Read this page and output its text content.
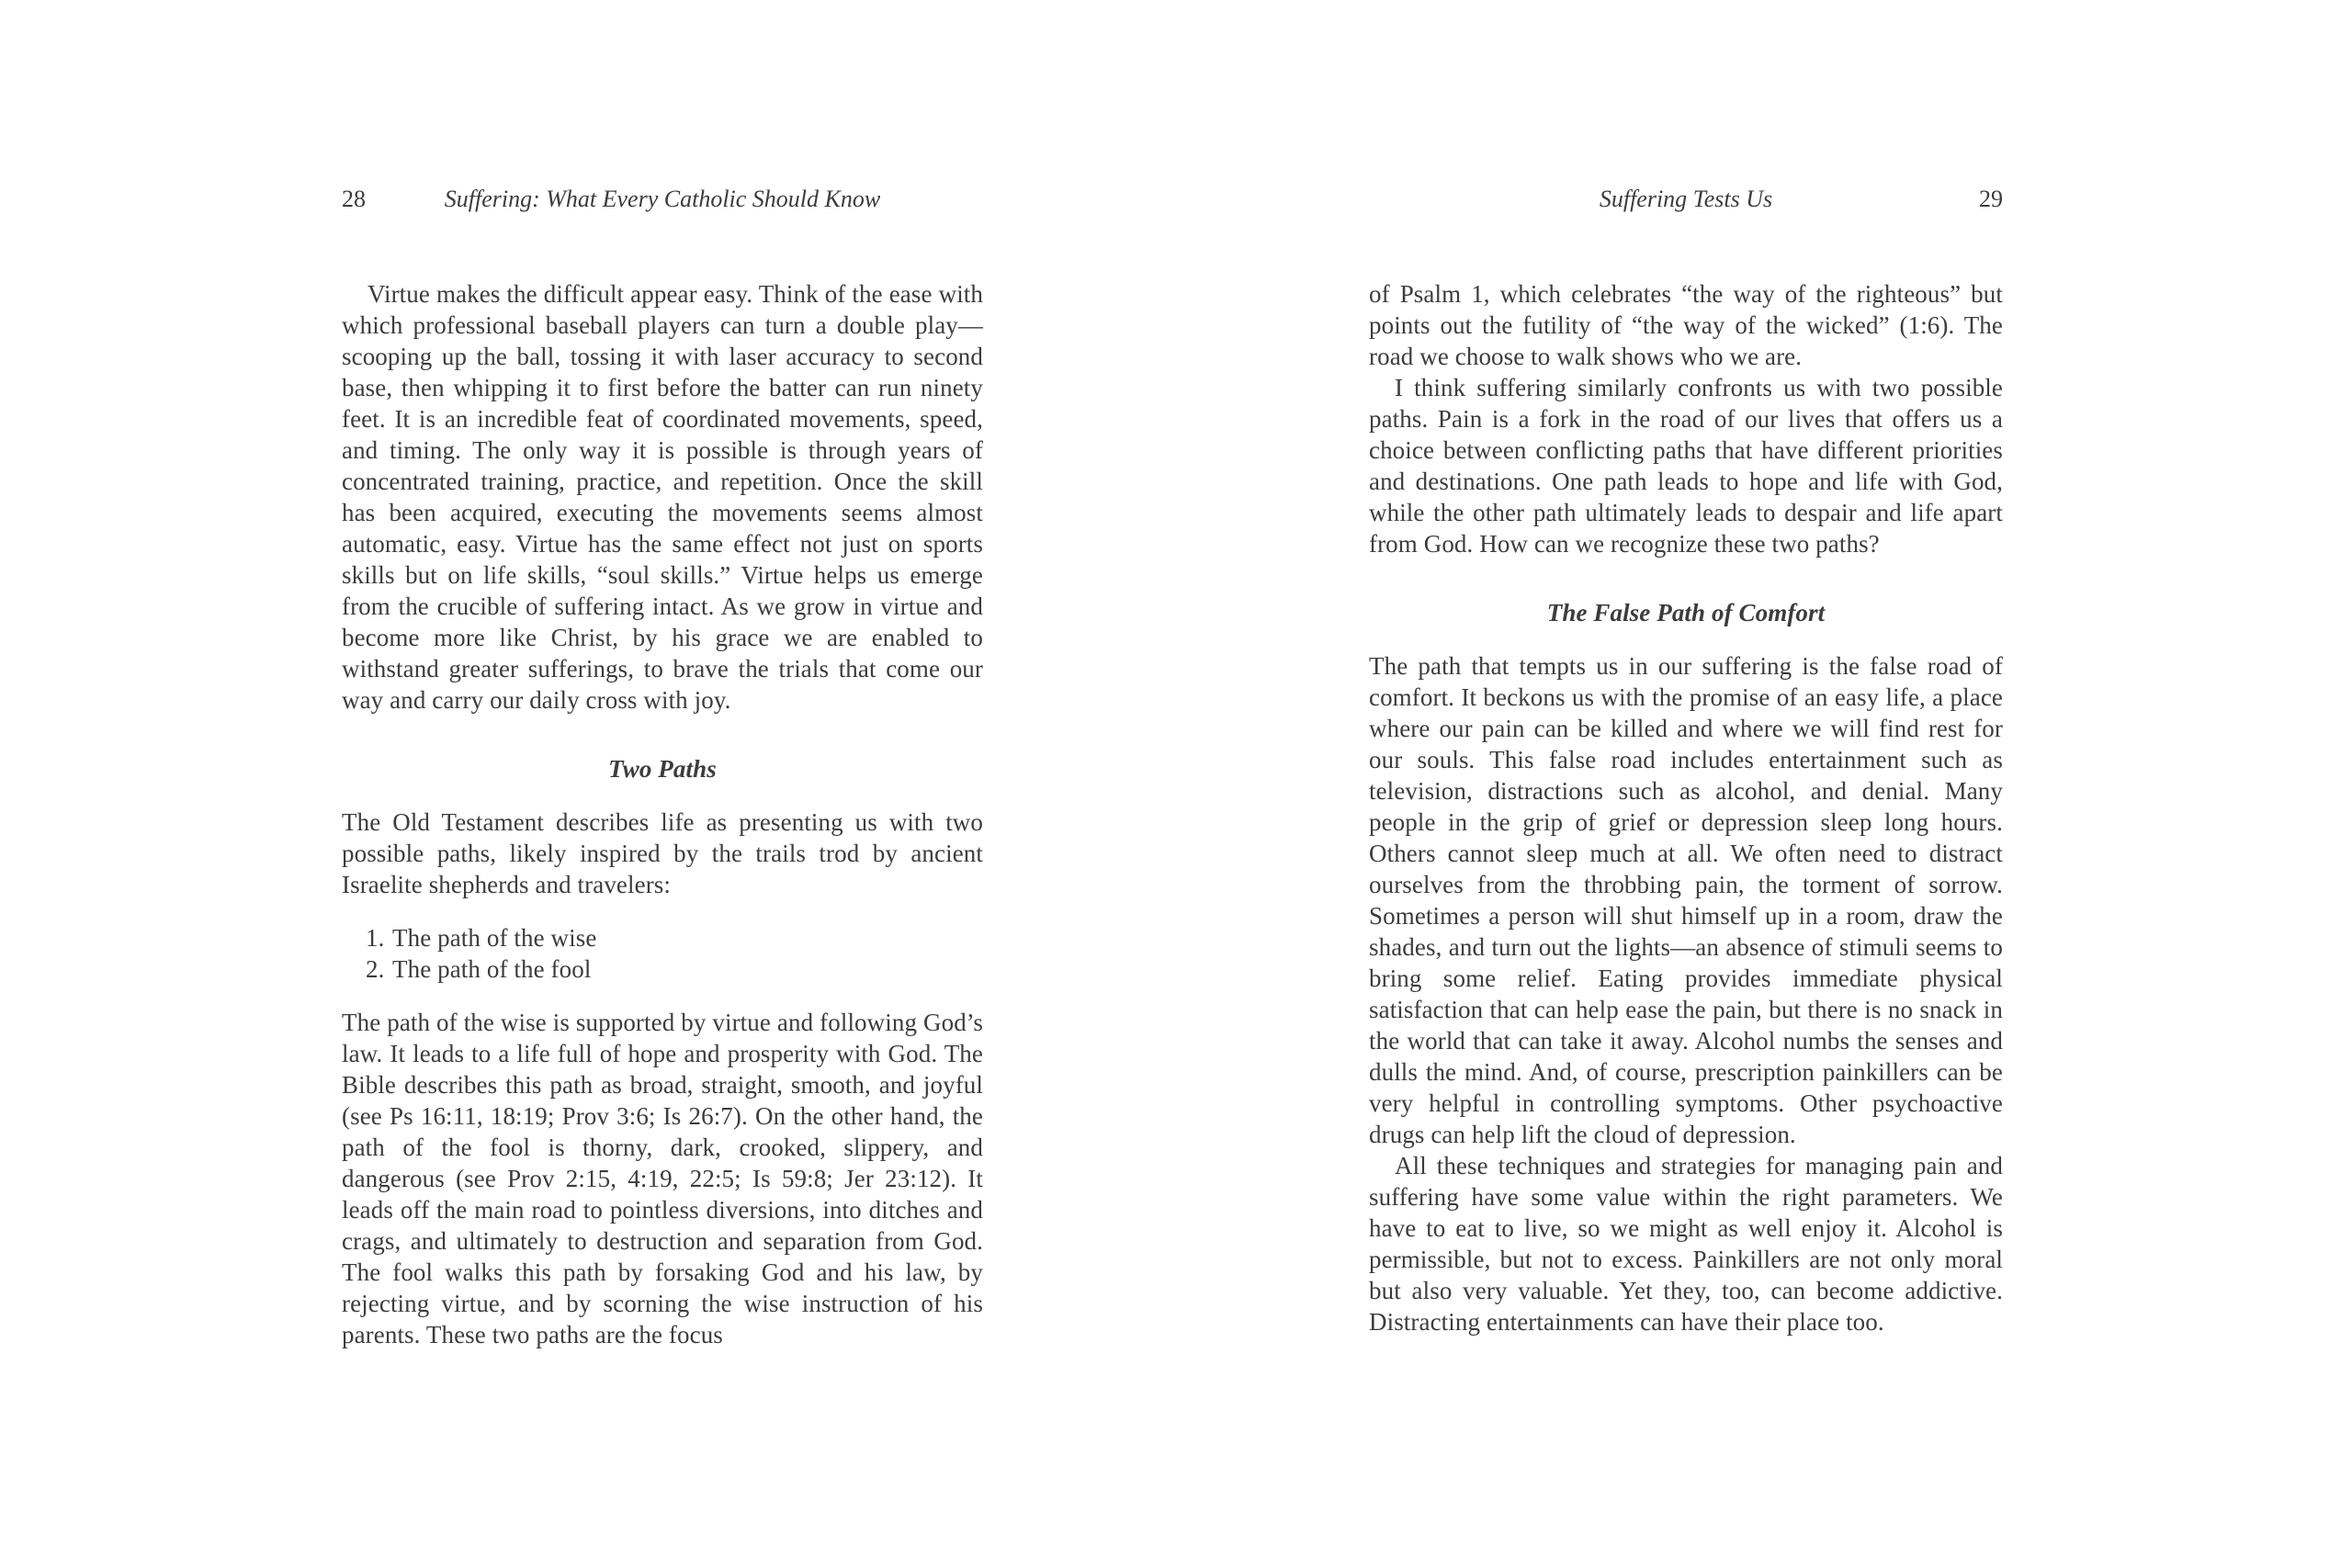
28	Suffering: What Every Catholic Should Know	Suffering Tests Us	29

Virtue makes the difficult appear easy. Think of the ease with which professional baseball players can turn a double play—scooping up the ball, tossing it with laser accuracy to second base, then whipping it to first before the batter can run ninety feet. It is an incredible feat of coordinated movements, speed, and timing. The only way it is possible is through years of concentrated training, practice, and repetition. Once the skill has been acquired, executing the movements seems almost automatic, easy. Virtue has the same effect not just on sports skills but on life skills, “soul skills.” Virtue helps us emerge from the crucible of suffering intact. As we grow in virtue and become more like Christ, by his grace we are enabled to withstand greater sufferings, to brave the trials that come our way and carry our daily cross with joy.

Two Paths

The Old Testament describes life as presenting us with two possible paths, likely inspired by the trails trod by ancient Israelite shepherds and travelers:

1. The path of the wise
2. The path of the fool

The path of the wise is supported by virtue and following God’s law. It leads to a life full of hope and prosperity with God. The Bible describes this path as broad, straight, smooth, and joyful (see Ps 16:11, 18:19; Prov 3:6; Is 26:7). On the other hand, the path of the fool is thorny, dark, crooked, slippery, and dangerous (see Prov 2:15, 4:19, 22:5; Is 59:8; Jer 23:12). It leads off the main road to pointless diversions, into ditches and crags, and ultimately to destruction and separation from God. The fool walks this path by forsaking God and his law, by rejecting virtue, and by scorning the wise instruction of his parents. These two paths are the focus

of Psalm 1, which celebrates “the way of the righteous” but points out the futility of “the way of the wicked” (1:6). The road we choose to walk shows who we are.

I think suffering similarly confronts us with two possible paths. Pain is a fork in the road of our lives that offers us a choice between conflicting paths that have different priorities and destinations. One path leads to hope and life with God, while the other path ultimately leads to despair and life apart from God. How can we recognize these two paths?

The False Path of Comfort

The path that tempts us in our suffering is the false road of comfort. It beckons us with the promise of an easy life, a place where our pain can be killed and where we will find rest for our souls. This false road includes entertainment such as television, distractions such as alcohol, and denial. Many people in the grip of grief or depression sleep long hours. Others cannot sleep much at all. We often need to distract ourselves from the throbbing pain, the torment of sorrow. Sometimes a person will shut himself up in a room, draw the shades, and turn out the lights—an absence of stimuli seems to bring some relief. Eating provides immediate physical satisfaction that can help ease the pain, but there is no snack in the world that can take it away. Alcohol numbs the senses and dulls the mind. And, of course, prescription painkillers can be very helpful in controlling symptoms. Other psychoactive drugs can help lift the cloud of depression.

All these techniques and strategies for managing pain and suffering have some value within the right parameters. We have to eat to live, so we might as well enjoy it. Alcohol is permissible, but not to excess. Painkillers are not only moral but also very valuable. Yet they, too, can become addictive. Distracting entertainments can have their place too.
